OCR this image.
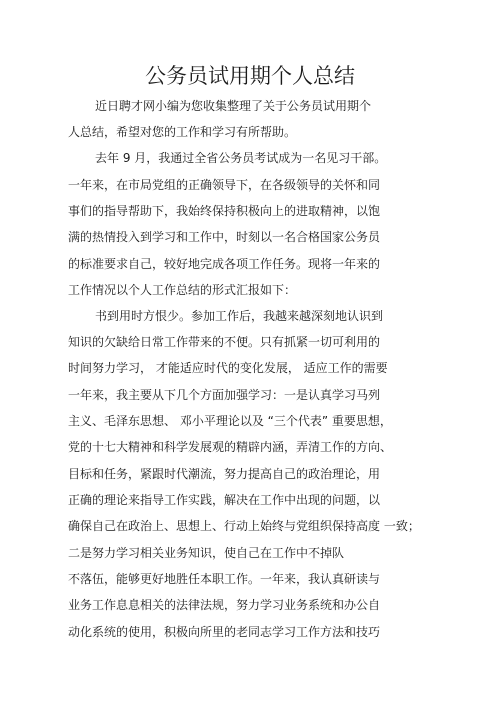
公务员试用期个人总结
近日聘才网小编为您收集整理了关于公务员试用期个
人总结，希望对您的工作和学习有所帮助。
去年 9 月，我通过全省公务员考试成为一名见习干部。
一年来，在市局党组的正确领导下，在各级领导的关怀和同
事们的指导帮助下，我始终保持积极向上的进取精神，以饱
满的热情投入到学习和工作中，时刻以一名合格国家公务员
的标准要求自己，较好地完成各项工作任务。现将一年来的
工作情况以个人工作总结的形式汇报如下：
书到用时方恨少。参加工作后，我越来越深刻地认识到
知识的欠缺给日常工作带来的不便。只有抓紧一切可利用的
时间努力学习， 才能适应时代的变化发展， 适应工作的需要
一年来，我主要从下几个方面加强学习：一是认真学习马列
主义、毛泽东思想、 邓小平理论以及 “三个代表” 重要思想，
党的十七大精神和科学发展观的精辟内涵，弄清工作的方向、
目标和任务，紧跟时代潮流，努力提高自己的政治理论，用
正确的理论来指导工作实践，解决在工作中出现的问题，以
确保自己在政治上、思想上、行动上始终与党组织保持高度 一致；
二是努力学习相关业务知识，使自己在工作中不掉队
不落伍，能够更好地胜任本职工作。一年来，我认真研读与
业务工作息息相关的法律法规，努力学习业务系统和办公自
动化系统的使用，积极向所里的老同志学习工作方法和技巧
